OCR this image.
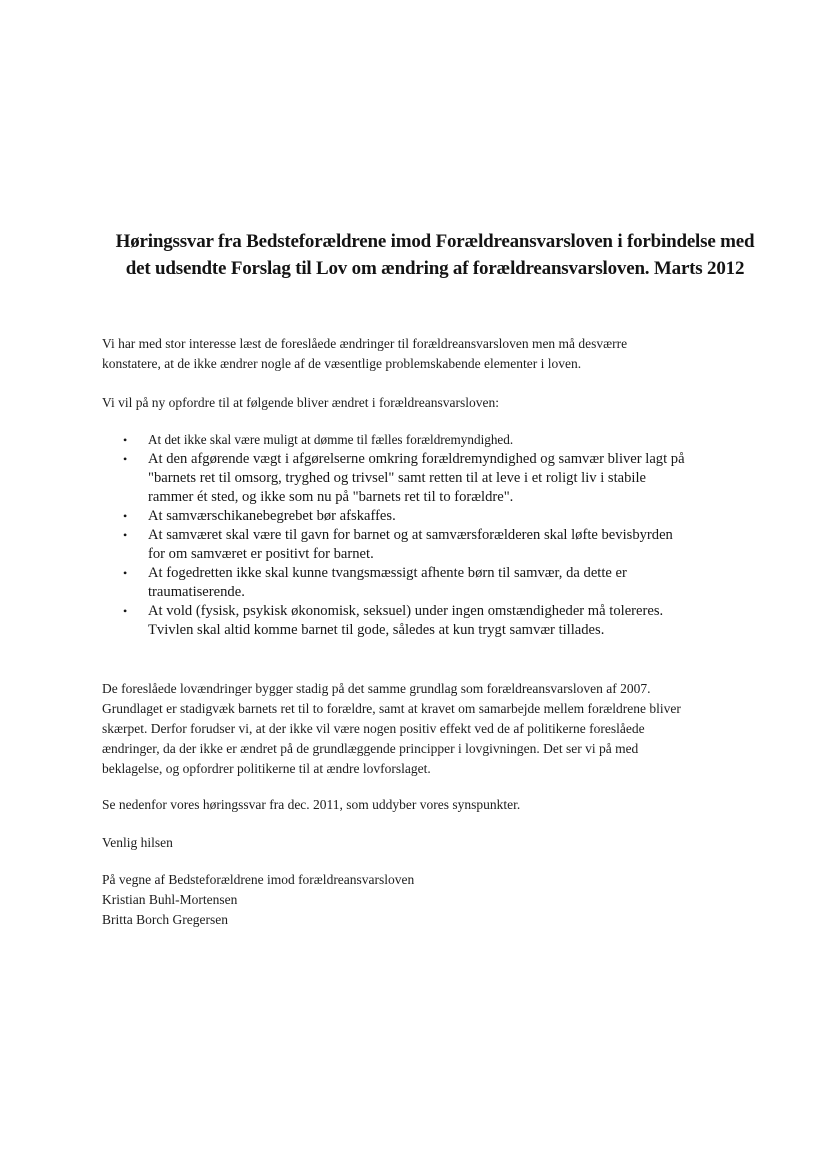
Høringssvar fra Bedsteforældrene imod Forældreansvarsloven i forbindelse med
det udsendte Forslag til Lov om ændring af forældreansvarsloven. Marts 2012
Vi har med stor interesse læst de foreslåede ændringer til forældreansvarsloven men må desværre
konstatere, at de ikke ændrer nogle af de væsentlige problemskabende elementer i loven.
Vi vil på ny opfordre til at følgende bliver ændret i forældreansvarsloven:
• At det ikke skal være muligt at dømme til fælles forældremyndighed.
• At den afgørende vægt i afgørelserne omkring forældremyndighed og samvær bliver lagt på
"barnets ret til omsorg, tryghed og trivsel" samt retten til at leve i et roligt liv i stabile
rammer ét sted, og ikke som nu på "barnets ret til to forældre".
• At samværschikanebegrebet bør afskaffes.
• At samværet skal være til gavn for barnet og at samværsforælderen skal løfte bevisbyrden
for om samværet er positivt for barnet.
• At fogedretten ikke skal kunne tvangsmæssigt afhente børn til samvær, da dette er
traumatiserende.
• At vold (fysisk, psykisk økonomisk, seksuel) under ingen omstændigheder må tolereres.
Tvivlen skal altid komme barnet til gode, således at kun trygt samvær tillades.
De foreslåede lovændringer bygger stadig på det samme grundlag som forældreansvarsloven af 2007.
Grundlaget er stadigvæk barnets ret til to forældre, samt at kravet om samarbejde mellem forældrene bliver
skærpet. Derfor forudser vi, at der ikke vil være nogen positiv effekt ved de af politikerne foreslåede
ændringer, da der ikke er ændret på de grundlæggende principper i lovgivningen. Det ser vi på med
beklagelse, og opfordrer politikerne til at ændre lovforslaget.
Se nedenfor vores høringssvar fra dec. 2011, som uddyber vores synspunkter.
Venlig hilsen
På vegne af Bedsteforældrene imod forældreansvarsloven
Kristian Buhl-Mortensen
Britta Borch Gregersen
